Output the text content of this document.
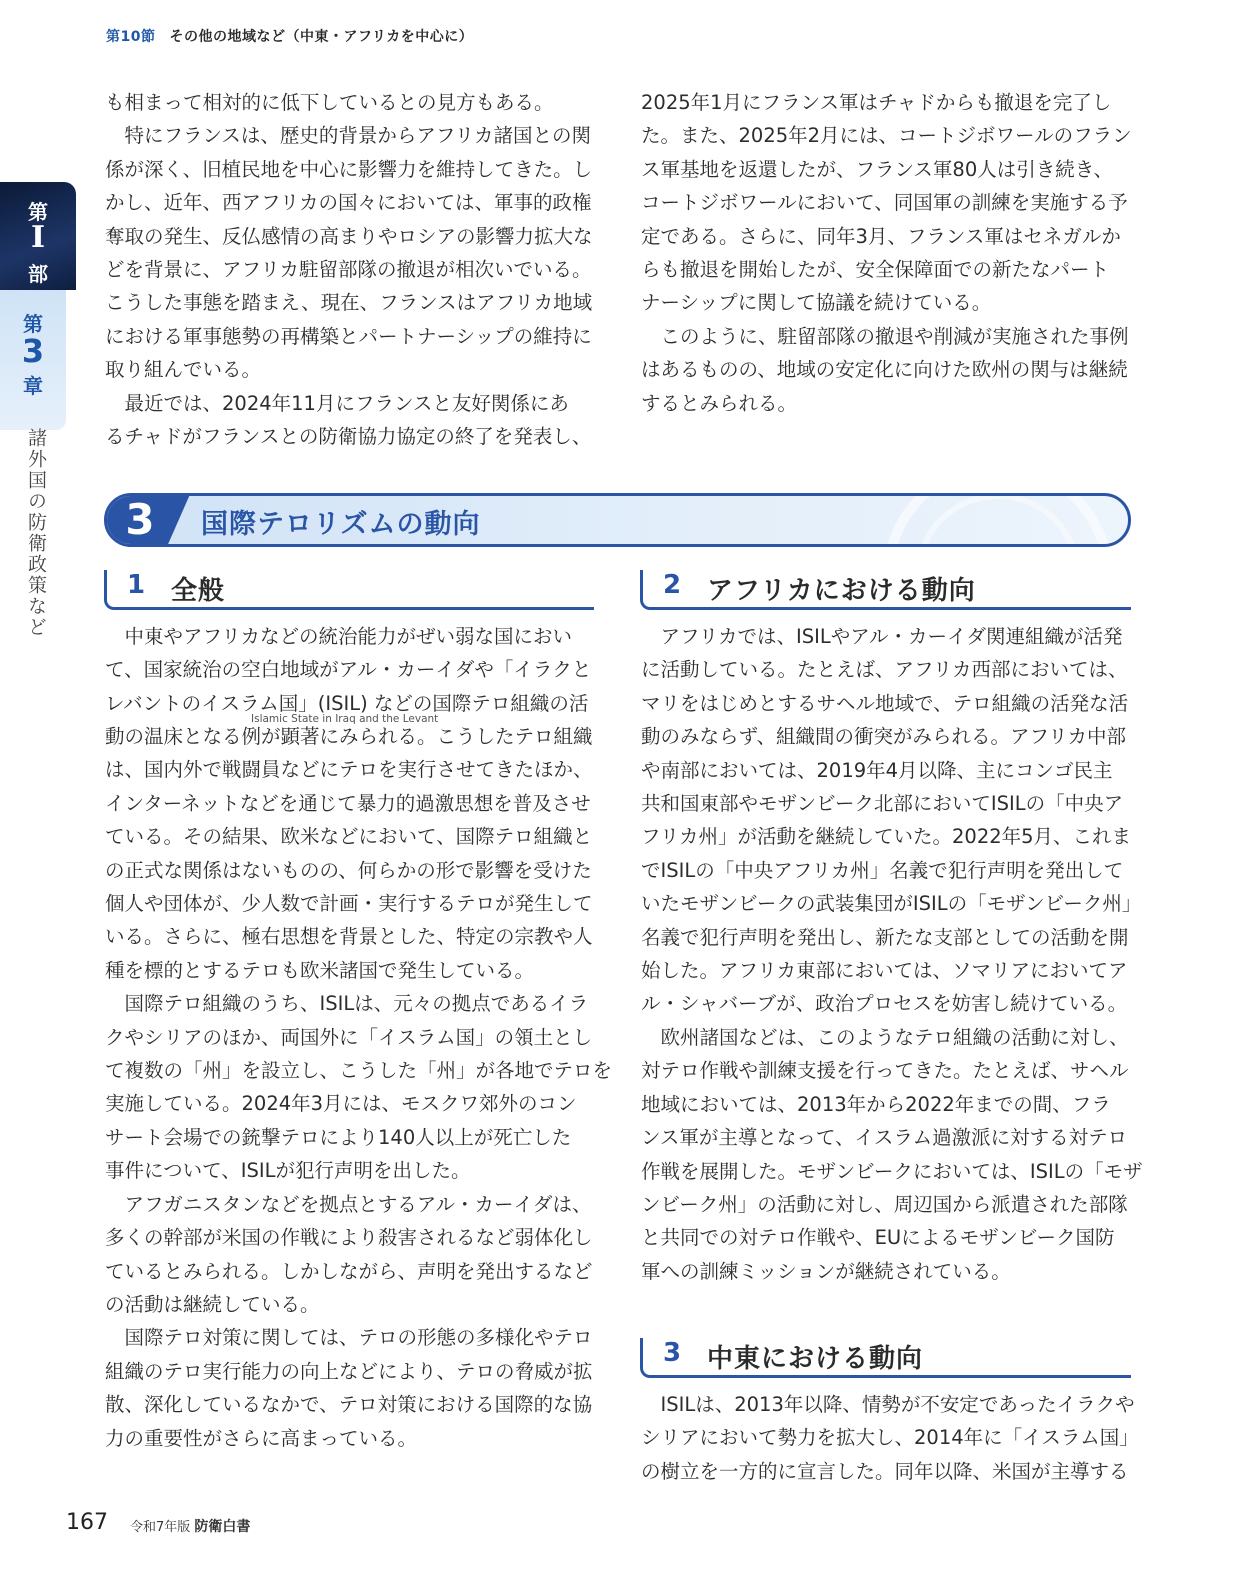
第10節 その他の地域など（中東・アフリカを中心に）
第
I
部
第
3
章
諸外国の防衛政策など

も相まって相対的に低下しているとの見方もある。

　特にフランスは、歴史的背景からアフリカ諸国との関

係が深く、旧植民地を中心に影響力を維持してきた。し

かし、近年、西アフリカの国々においては、軍事的政権

奪取の発生、反仏感情の高まりやロシアの影響力拡大な

どを背景に、アフリカ駐留部隊の撤退が相次いでいる。

こうした事態を踏まえ、現在、フランスはアフリカ地域

における軍事態勢の再構築とパートナーシップの維持に

取り組んでいる。

　最近では、2024年11月にフランスと友好関係にあ

るチャドがフランスとの防衛協力協定の終了を発表し、

2025年1月にフランス軍はチャドからも撤退を完了し

た。また、2025年2月には、コートジボワールのフラン

ス軍基地を返還したが、フランス軍80人は引き続き、

コートジボワールにおいて、同国軍の訓練を実施する予

定である。さらに、同年3月、フランス軍はセネガルか

らも撤退を開始したが、安全保障面での新たなパート

ナーシップに関して協議を続けている。

　このように、駐留部隊の撤退や削減が実施された事例

はあるものの、地域の安定化に向けた欧州の関与は継続

するとみられる。

3	国際テロリズムの動向
1 全般	2 アフリカにおける動向

　中東やアフリカなどの統治能力がぜい弱な国におい

て、国家統治の空白地域がアル・カーイダや「イラクと

レバントのイスラム国」(ISIL) などの国際テロ組織の活

Islamic State in Iraq and the Levant

動の温床となる例が顕著にみられる。こうしたテロ組織

は、国内外で戦闘員などにテロを実行させてきたほか、

インターネットなどを通じて暴力的過激思想を普及させ

ている。その結果、欧米などにおいて、国際テロ組織と

の正式な関係はないものの、何らかの形で影響を受けた

個人や団体が、少人数で計画・実行するテロが発生して

いる。さらに、極右思想を背景とした、特定の宗教や人

種を標的とするテロも欧米諸国で発生している。

　国際テロ組織のうち、ISILは、元々の拠点であるイラ

クやシリアのほか、両国外に「イスラム国」の領土とし

て複数の「州」を設立し、こうした「州」が各地でテロを

実施している。2024年3月には、モスクワ郊外のコン

サート会場での銃撃テロにより140人以上が死亡した

事件について、ISILが犯行声明を出した。

　アフガニスタンなどを拠点とするアル・カーイダは、

多くの幹部が米国の作戦により殺害されるなど弱体化し

ているとみられる。しかしながら、声明を発出するなど

の活動は継続している。

　国際テロ対策に関しては、テロの形態の多様化やテロ

組織のテロ実行能力の向上などにより、テロの脅威が拡

散、深化しているなかで、テロ対策における国際的な協

力の重要性がさらに高まっている。

　アフリカでは、ISILやアル・カーイダ関連組織が活発

に活動している。たとえば、アフリカ西部においては、

マリをはじめとするサヘル地域で、テロ組織の活発な活

動のみならず、組織間の衝突がみられる。アフリカ中部

や南部においては、2019年4月以降、主にコンゴ民主

共和国東部やモザンビーク北部においてISILの「中央ア

フリカ州」が活動を継続していた。2022年5月、これま

でISILの「中央アフリカ州」名義で犯行声明を発出して

いたモザンビークの武装集団がISILの「モザンビーク州」

名義で犯行声明を発出し、新たな支部としての活動を開

始した。アフリカ東部においては、ソマリアにおいてア

ル・シャバーブが、政治プロセスを妨害し続けている。

　欧州諸国などは、このようなテロ組織の活動に対し、

対テロ作戦や訓練支援を行ってきた。たとえば、サヘル

地域においては、2013年から2022年までの間、フラ

ンス軍が主導となって、イスラム過激派に対する対テロ

作戦を展開した。モザンビークにおいては、ISILの「モザ

ンビーク州」の活動に対し、周辺国から派遣された部隊

と共同での対テロ作戦や、EUによるモザンビーク国防

軍への訓練ミッションが継続されている。

3 中東における動向

　ISILは、2013年以降、情勢が不安定であったイラクや

シリアにおいて勢力を拡大し、2014年に「イスラム国」

の樹立を一方的に宣言した。同年以降、米国が主導する

167 令和7年版 防衛白書
